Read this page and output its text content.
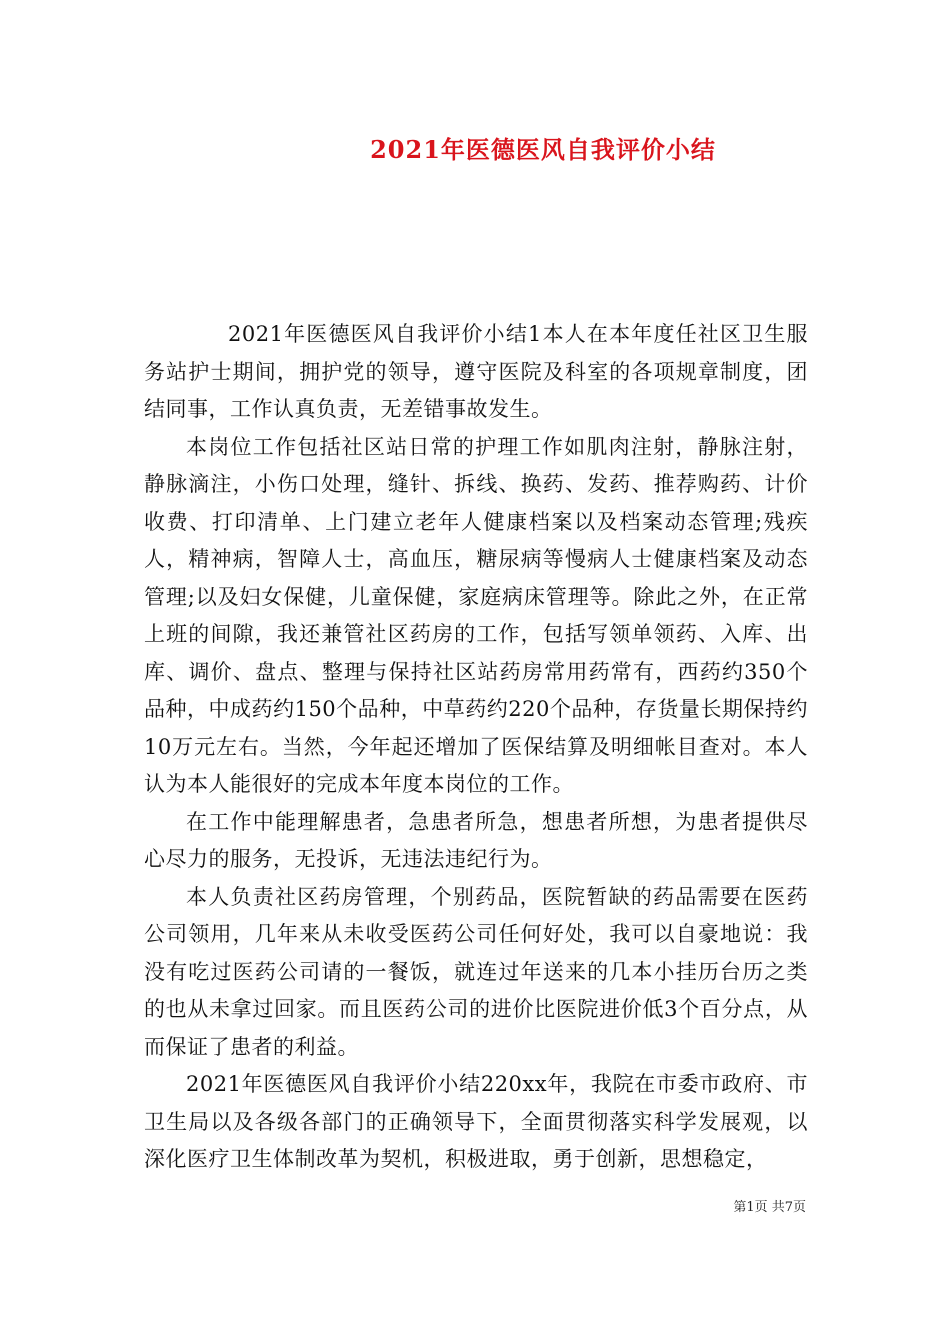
2021年医德医风自我评价小结

2021年医德医风自我评价小结1本人在本年度任社区卫生服务站护士期间，拥护党的领导，遵守医院及科室的各项规章制度，团结同事，工作认真负责，无差错事故发生。

本岗位工作包括社区站日常的护理工作如肌肉注射，静脉注射，静脉滴注，小伤口处理，缝针、拆线、换药、发药、推荐购药、计价收费、打印清单、上门建立老年人健康档案以及档案动态管理;残疾人，精神病，智障人士，高血压，糖尿病等慢病人士健康档案及动态管理;以及妇女保健，儿童保健，家庭病床管理等。除此之外，在正常上班的间隙，我还兼管社区药房的工作，包括写领单领药、入库、出库、调价、盘点、整理与保持社区站药房常用药常有，西药约350个品种，中成药约150个品种，中草药约220个品种，存货量长期保持约10万元左右。当然，今年起还增加了医保结算及明细帐目查对。本人认为本人能很好的完成本年度本岗位的工作。

在工作中能理解患者，急患者所急，想患者所想，为患者提供尽心尽力的服务，无投诉，无违法违纪行为。

本人负责社区药房管理，个别药品，医院暂缺的药品需要在医药公司领用，几年来从未收受医药公司任何好处，我可以自豪地说：我没有吃过医药公司请的一餐饭，就连过年送来的几本小挂历台历之类的也从未拿过回家。而且医药公司的进价比医院进价低3个百分点，从而保证了患者的利益。

2021年医德医风自我评价小结220xx年，我院在市委市政府、市卫生局以及各级各部门的正确领导下，全面贯彻落实科学发展观，以深化医疗卫生体制改革为契机，积极进取，勇于创新，思想稳定，

第1页 共7页
